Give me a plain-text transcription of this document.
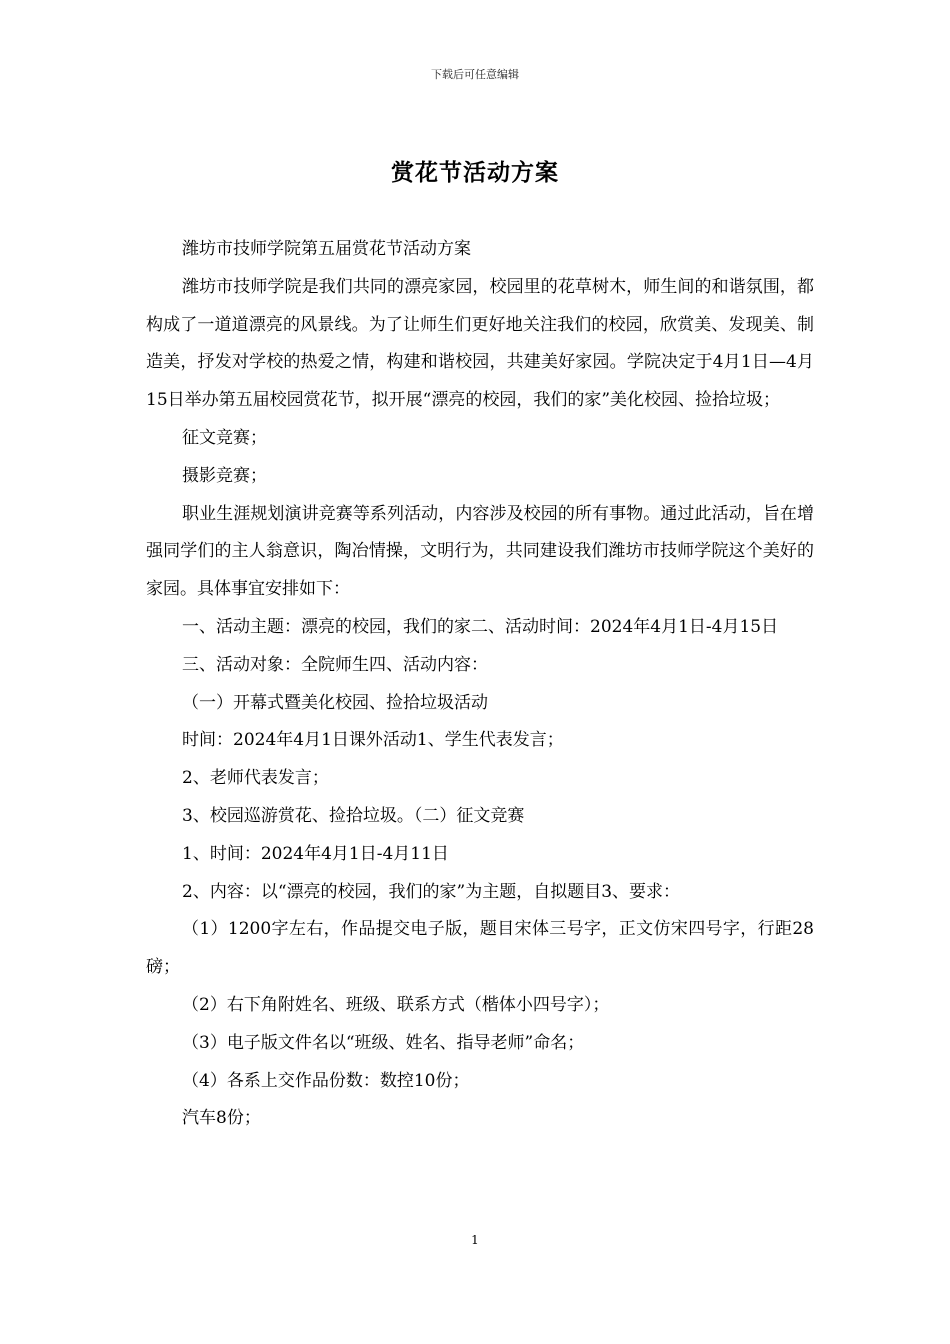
下载后可任意编辑
赏花节活动方案

潍坊市技师学院第五届赏花节活动方案

潍坊市技师学院是我们共同的漂亮家园，校园里的花草树木，师生间的和谐氛围，都构成了一道道漂亮的风景线。为了让师生们更好地关注我们的校园，欣赏美、发现美、制造美，抒发对学校的热爱之情，构建和谐校园，共建美好家园。学院决定于4月1日—4月15日举办第五届校园赏花节，拟开展“漂亮的校园，我们的家”美化校园、捡拾垃圾；

征文竞赛；

摄影竞赛；

职业生涯规划演讲竞赛等系列活动，内容涉及校园的所有事物。通过此活动，旨在增强同学们的主人翁意识，陶冶情操，文明行为，共同建设我们潍坊市技师学院这个美好的家园。具体事宜安排如下：

一、活动主题：漂亮的校园，我们的家二、活动时间：2024年4月1日-4月15日

三、活动对象：全院师生四、活动内容：

（一）开幕式暨美化校园、捡拾垃圾活动

时间：2024年4月1日课外活动1、学生代表发言；

2、老师代表发言；

3、校园巡游赏花、捡拾垃圾。（二）征文竞赛

1、时间：2024年4月1日-4月11日

2、内容：以“漂亮的校园，我们的家”为主题，自拟题目3、要求：

（1）1200字左右，作品提交电子版，题目宋体三号字，正文仿宋四号字，行距28磅；

（2）右下角附姓名、班级、联系方式（楷体小四号字）；

（3）电子版文件名以“班级、姓名、指导老师”命名；

（4）各系上交作品份数：数控10份；

汽车8份；

1
